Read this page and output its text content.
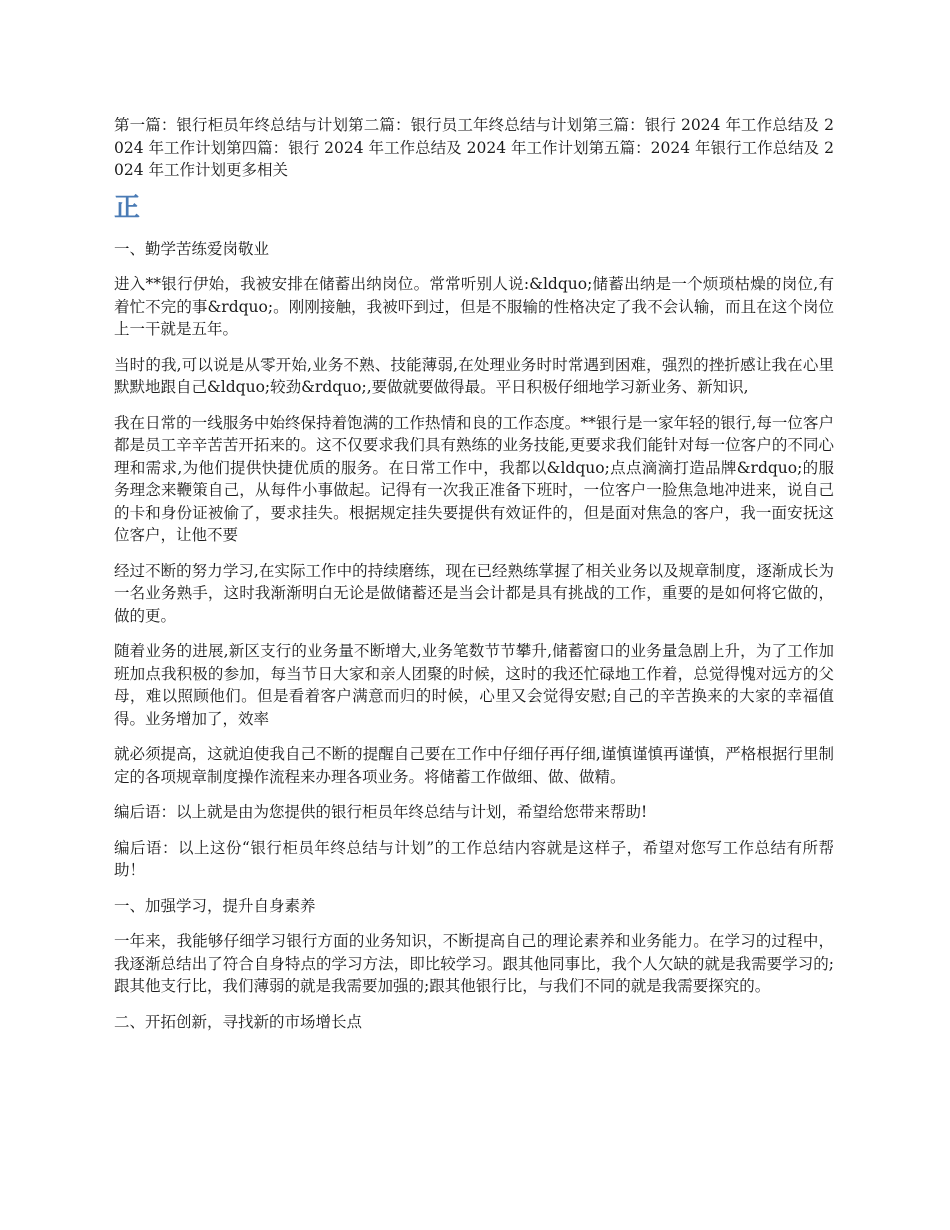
第一篇：银行柜员年终总结与计划第二篇：银行员工年终总结与计划第三篇：银行 2024 年工作总结及 2024 年工作计划第四篇：银行 2024 年工作总结及 2024 年工作计划第五篇：2024 年银行工作总结及 2024 年工作计划更多相关
正
一、勤学苦练爱岗敬业
进入**银行伊始，我被安排在储蓄出纳岗位。常常听别人说:&ldquo;储蓄出纳是一个烦琐枯燥的岗位,有着忙不完的事&rdquo;。刚刚接触，我被吓到过，但是不服输的性格决定了我不会认输，而且在这个岗位上一干就是五年。
当时的我,可以说是从零开始,业务不熟、技能薄弱,在处理业务时时常遇到困难，强烈的挫折感让我在心里默默地跟自己&ldquo;较劲&rdquo;,要做就要做得最。平日积极仔细地学习新业务、新知识,
我在日常的一线服务中始终保持着饱满的工作热情和良的工作态度。**银行是一家年轻的银行,每一位客户都是员工辛辛苦苦开拓来的。这不仅要求我们具有熟练的业务技能,更要求我们能针对每一位客户的不同心理和需求,为他们提供快捷优质的服务。在日常工作中，我都以&ldquo;点点滴滴打造品牌&rdquo;的服务理念来鞭策自己，从每件小事做起。记得有一次我正准备下班时，一位客户一脸焦急地冲进来，说自己的卡和身份证被偷了，要求挂失。根据规定挂失要提供有效证件的，但是面对焦急的客户，我一面安抚这位客户，让他不要
经过不断的努力学习,在实际工作中的持续磨练，现在已经熟练掌握了相关业务以及规章制度，逐渐成长为一名业务熟手，这时我渐渐明白无论是做储蓄还是当会计都是具有挑战的工作，重要的是如何将它做的，做的更。
随着业务的进展,新区支行的业务量不断增大,业务笔数节节攀升,储蓄窗口的业务量急剧上升，为了工作加班加点我积极的参加，每当节日大家和亲人团聚的时候，这时的我还忙碌地工作着，总觉得愧对远方的父母，难以照顾他们。但是看着客户满意而归的时候，心里又会觉得安慰;自己的辛苦换来的大家的幸福值得。业务增加了，效率
就必须提高，这就迫使我自己不断的提醒自己要在工作中仔细仔再仔细,谨慎谨慎再谨慎，严格根据行里制定的各项规章制度操作流程来办理各项业务。将储蓄工作做细、做、做精。
编后语：以上就是由为您提供的银行柜员年终总结与计划，希望给您带来帮助!
编后语：以上这份“银行柜员年终总结与计划”的工作总结内容就是这样子，希望对您写工作总结有所帮助！
一、加强学习，提升自身素养
一年来，我能够仔细学习银行方面的业务知识，不断提高自己的理论素养和业务能力。在学习的过程中，我逐渐总结出了符合自身特点的学习方法，即比较学习。跟其他同事比，我个人欠缺的就是我需要学习的;跟其他支行比，我们薄弱的就是我需要加强的;跟其他银行比，与我们不同的就是我需要探究的。
二、开拓创新，寻找新的市场增长点
